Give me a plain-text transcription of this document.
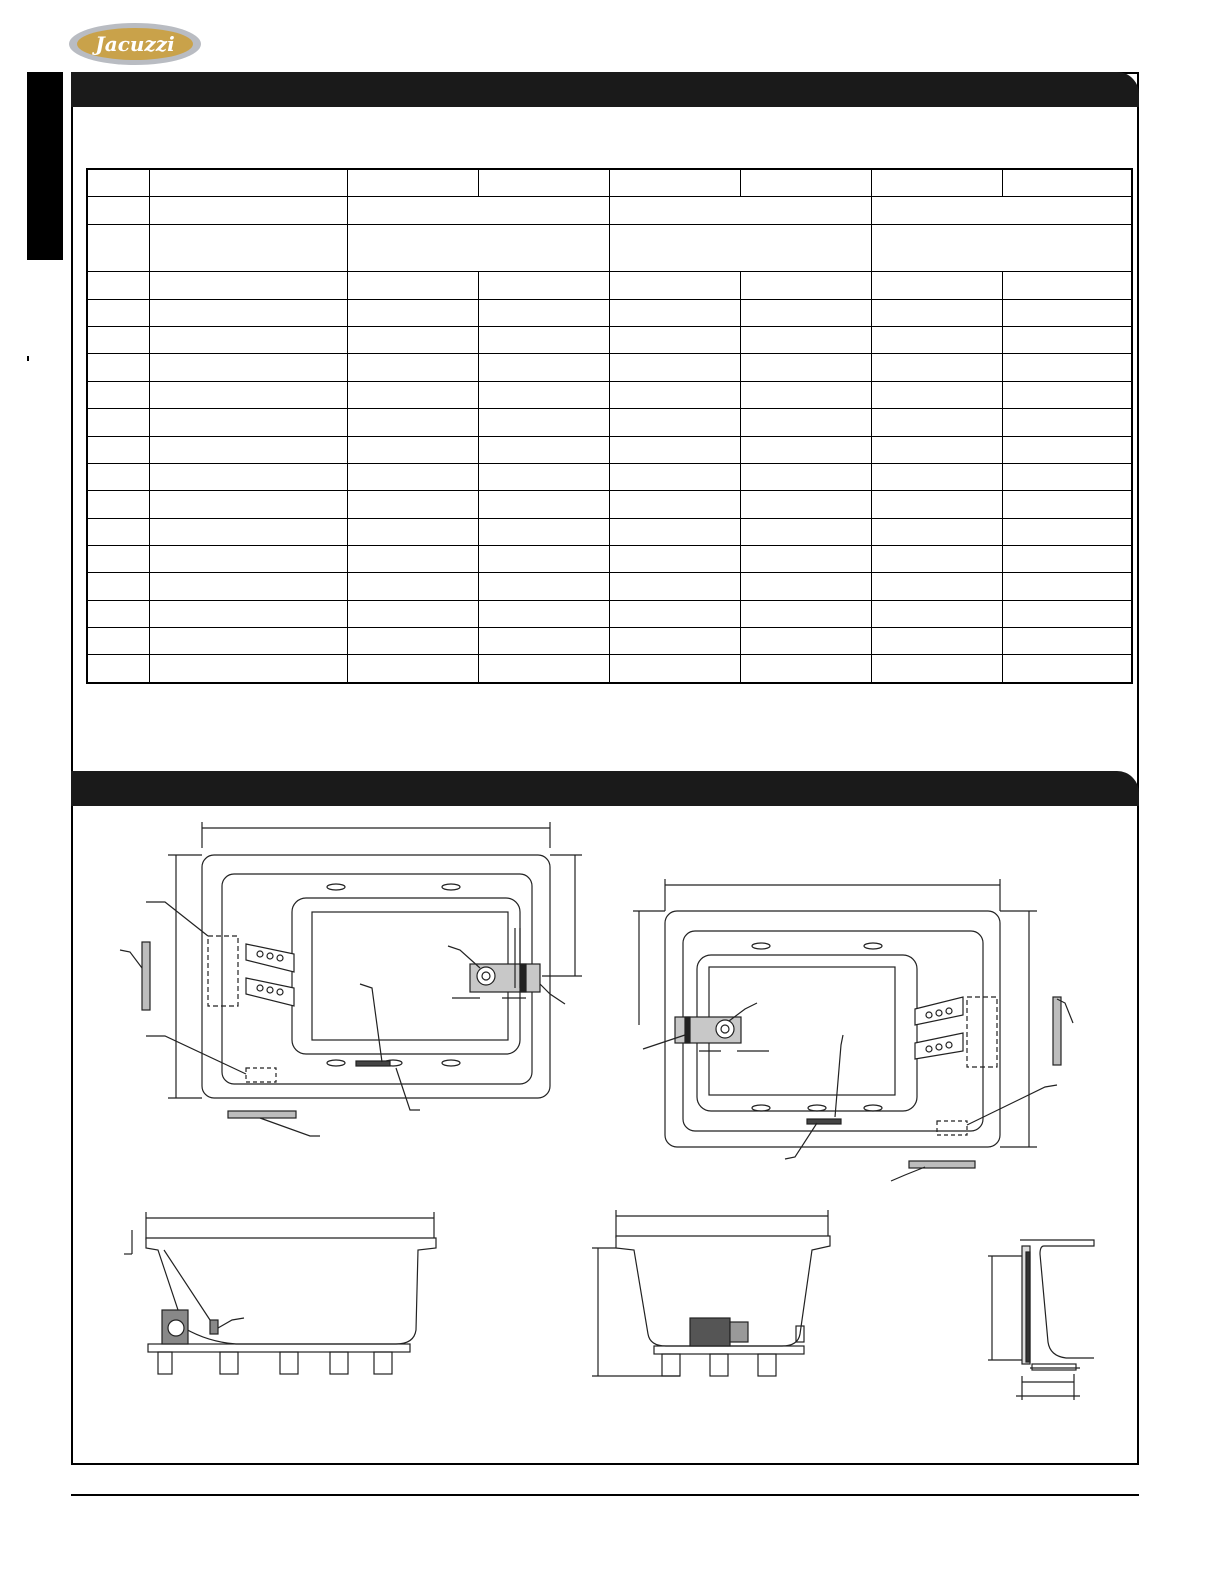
Jacuzzi
